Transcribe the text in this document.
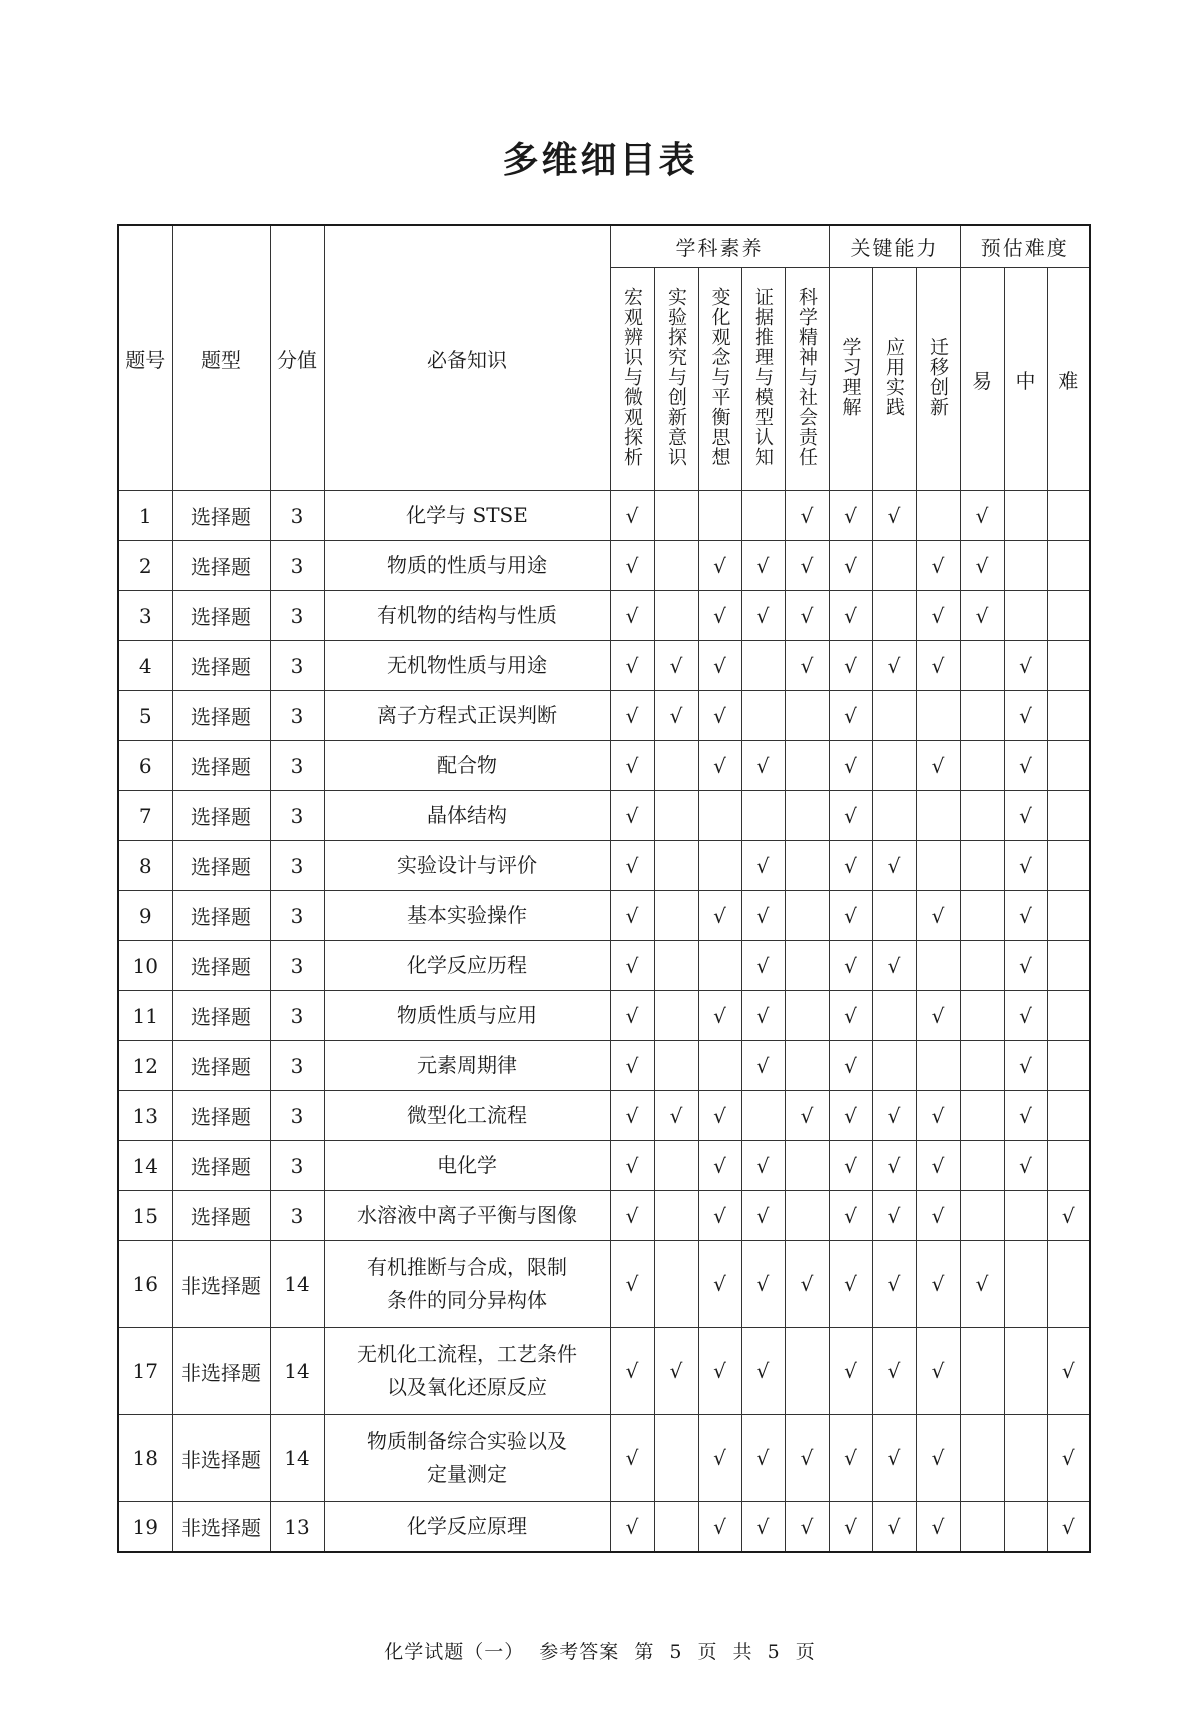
多维细目表
题号	题型	分值	必备知识	学科素养					关键能力			预估难度		
				宏观辨识与微观探析	实验探究与创新意识	变化观念与平衡思想	证据推理与模型认知	科学精神与社会责任	学习理解	应用实践	迁移创新	易	中	难
1	选择题	3	化学与 STSE	√				√	√	√		√		
2	选择题	3	物质的性质与用途	√		√	√	√	√		√	√		
3	选择题	3	有机物的结构与性质	√		√	√	√	√		√	√		
4	选择题	3	无机物性质与用途	√	√	√		√	√	√	√		√	
5	选择题	3	离子方程式正误判断	√	√	√			√				√	
6	选择题	3	配合物	√		√	√		√		√		√	
7	选择题	3	晶体结构	√					√				√	
8	选择题	3	实验设计与评价	√			√		√	√			√	
9	选择题	3	基本实验操作	√		√	√		√		√		√	
10	选择题	3	化学反应历程	√			√		√	√			√	
11	选择题	3	物质性质与应用	√		√	√		√		√		√	
12	选择题	3	元素周期律	√			√		√				√	
13	选择题	3	微型化工流程	√	√	√		√	√	√	√		√	
14	选择题	3	电化学	√		√	√		√	√	√		√	
15	选择题	3	水溶液中离子平衡与图像	√		√	√		√	√	√			√
16	非选择题	14	有机推断与合成，限制
条件的同分异构体	√		√	√	√	√	√	√	√		
17	非选择题	14	无机化工流程，工艺条件
以及氧化还原反应	√	√	√	√		√	√	√			√
18	非选择题	14	物质制备综合实验以及
定量测定	√		√	√	√	√	√	√			√
19	非选择题	13	化学反应原理	√		√	√	√	√	√	√			√
化学试题（一） 参考答案 第 5 页 共 5 页
